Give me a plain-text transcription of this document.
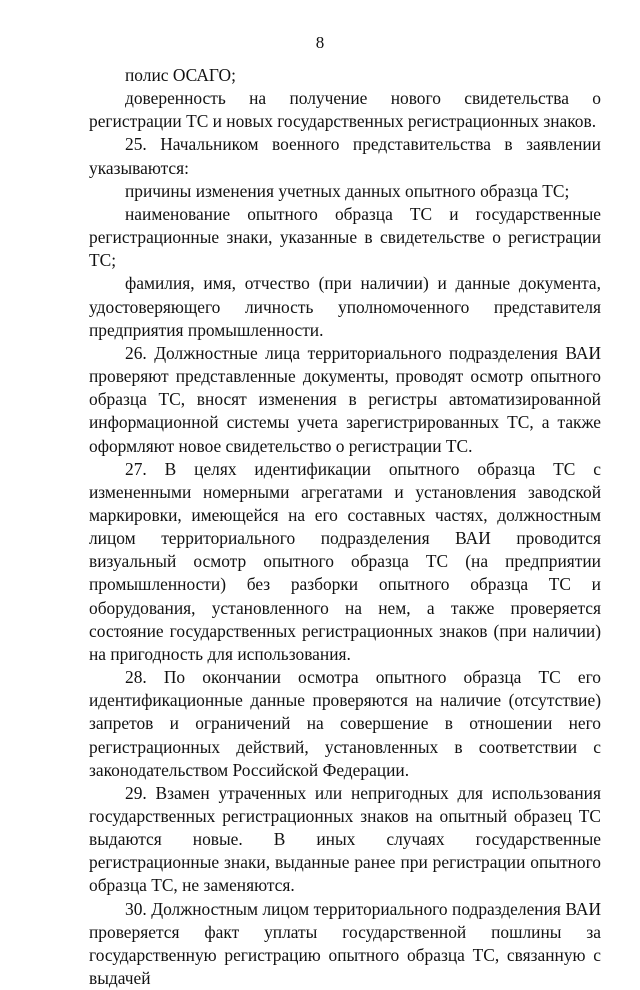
8

полис ОСАГО;

доверенность на получение нового свидетельства о регистрации ТС и новых государственных регистрационных знаков.

25. Начальником военного представительства в заявлении указываются:

причины изменения учетных данных опытного образца ТС;

наименование опытного образца ТС и государственные регистрационные знаки, указанные в свидетельстве о регистрации ТС;

фамилия, имя, отчество (при наличии) и данные документа, удостоверяющего личность уполномоченного представителя предприятия промышленности.

26. Должностные лица территориального подразделения ВАИ проверяют представленные документы, проводят осмотр опытного образца ТС, вносят изменения в регистры автоматизированной информационной системы учета зарегистрированных ТС, а также оформляют новое свидетельство о регистрации ТС.

27. В целях идентификации опытного образца ТС с измененными номерными агрегатами и установления заводской маркировки, имеющейся на его составных частях, должностным лицом территориального подразделения ВАИ проводится визуальный осмотр опытного образца ТС (на предприятии промышленности) без разборки опытного образца ТС и оборудования, установленного на нем, а также проверяется состояние государственных регистрационных знаков (при наличии) на пригодность для использования.

28. По окончании осмотра опытного образца ТС его идентификационные данные проверяются на наличие (отсутствие) запретов и ограничений на совершение в отношении него регистрационных действий, установленных в соответствии с законодательством Российской Федерации.

29. Взамен утраченных или непригодных для использования государственных регистрационных знаков на опытный образец ТС выдаются новые. В иных случаях государственные регистрационные знаки, выданные ранее при регистрации опытного образца ТС, не заменяются.

30. Должностным лицом территориального подразделения ВАИ проверяется факт уплаты государственной пошлины за государственную регистрацию опытного образца ТС, связанную с выдачей
